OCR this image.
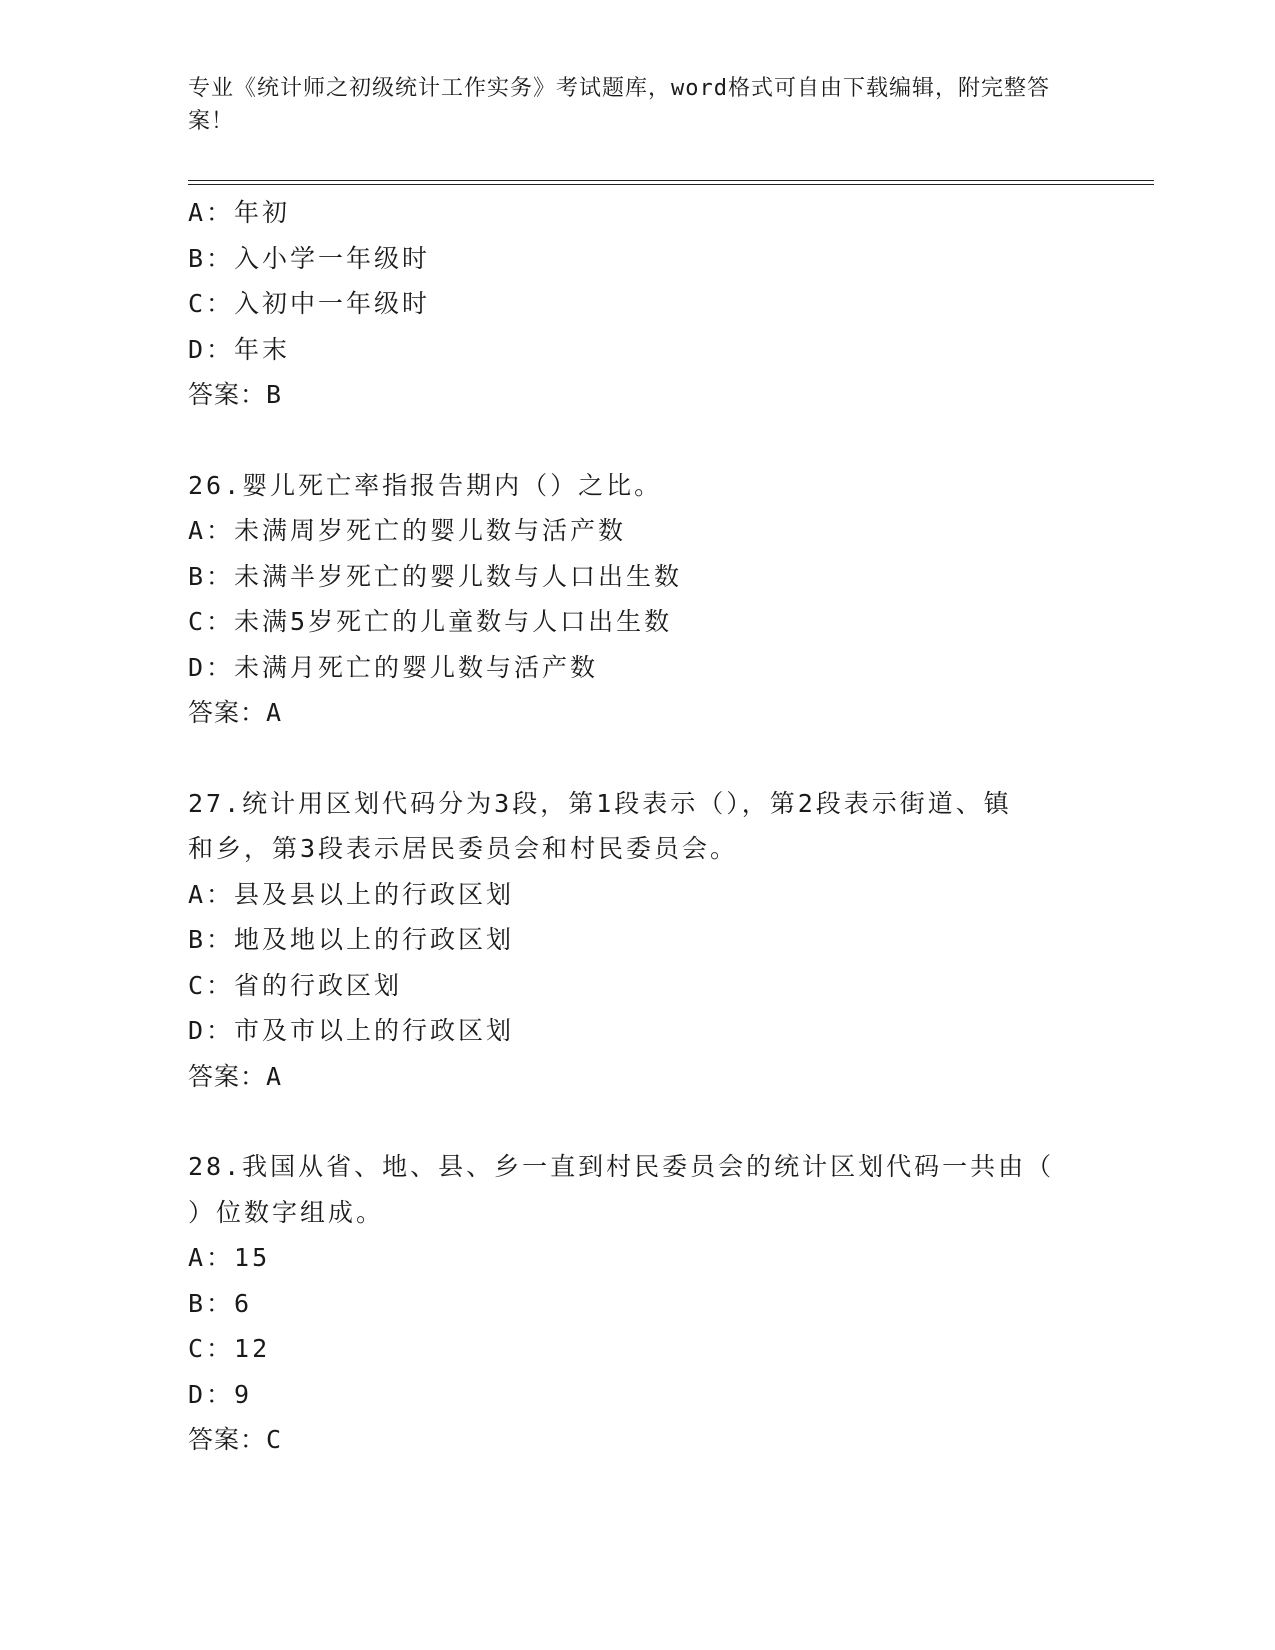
专业《统计师之初级统计工作实务》考试题库，word格式可自由下载编辑，附完整答案！
A：年初
B：入小学一年级时
C：入初中一年级时
D：年末
答案：B
26.婴儿死亡率指报告期内（）之比。
A：未满周岁死亡的婴儿数与活产数
B：未满半岁死亡的婴儿数与人口出生数
C：未满5岁死亡的儿童数与人口出生数
D：未满月死亡的婴儿数与活产数
答案：A
27.统计用区划代码分为3段，第1段表示（），第2段表示街道、镇
和乡，第3段表示居民委员会和村民委员会。
A：县及县以上的行政区划
B：地及地以上的行政区划
C：省的行政区划
D：市及市以上的行政区划
答案：A
28.我国从省、地、县、乡一直到村民委员会的统计区划代码一共由（
）位数字组成。
A：15
B：6
C：12
D：9
答案：C
